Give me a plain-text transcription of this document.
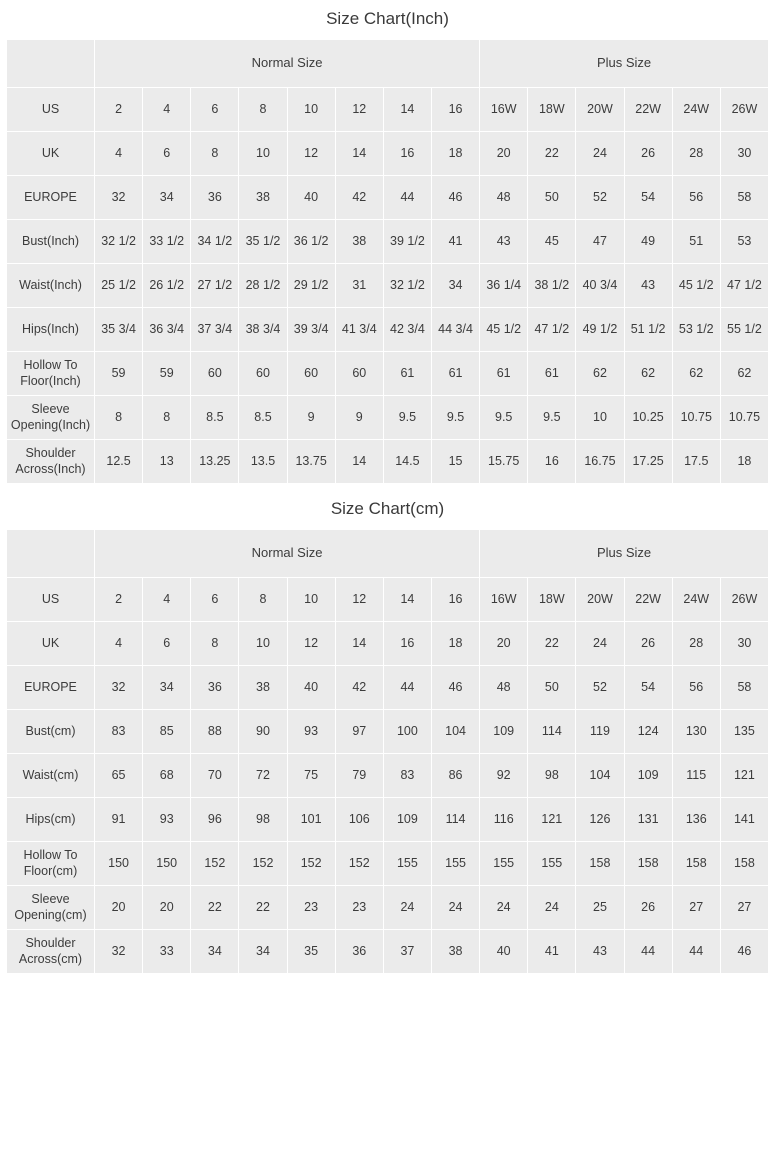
Size Chart(Inch)
	Normal Size								Plus Size					
US	2	4	6	8	10	12	14	16	16W	18W	20W	22W	24W	26W
UK	4	6	8	10	12	14	16	18	20	22	24	26	28	30
EUROPE	32	34	36	38	40	42	44	46	48	50	52	54	56	58
Bust(Inch)	32 1/2	33 1/2	34 1/2	35 1/2	36 1/2	38	39 1/2	41	43	45	47	49	51	53
Waist(Inch)	25 1/2	26 1/2	27 1/2	28 1/2	29 1/2	31	32 1/2	34	36 1/4	38 1/2	40 3/4	43	45 1/2	47 1/2
Hips(Inch)	35 3/4	36 3/4	37 3/4	38 3/4	39 3/4	41 3/4	42 3/4	44 3/4	45 1/2	47 1/2	49 1/2	51 1/2	53 1/2	55 1/2
Hollow To Floor(Inch)	59	59	60	60	60	60	61	61	61	61	62	62	62	62
Sleeve Opening(Inch)	8	8	8.5	8.5	9	9	9.5	9.5	9.5	9.5	10	10.25	10.75	10.75
Shoulder Across(Inch)	12.5	13	13.25	13.5	13.75	14	14.5	15	15.75	16	16.75	17.25	17.5	18
Size Chart(cm)
	Normal Size								Plus Size					
US	2	4	6	8	10	12	14	16	16W	18W	20W	22W	24W	26W
UK	4	6	8	10	12	14	16	18	20	22	24	26	28	30
EUROPE	32	34	36	38	40	42	44	46	48	50	52	54	56	58
Bust(cm)	83	85	88	90	93	97	100	104	109	114	119	124	130	135
Waist(cm)	65	68	70	72	75	79	83	86	92	98	104	109	115	121
Hips(cm)	91	93	96	98	101	106	109	114	116	121	126	131	136	141
Hollow To Floor(cm)	150	150	152	152	152	152	155	155	155	155	158	158	158	158
Sleeve Opening(cm)	20	20	22	22	23	23	24	24	24	24	25	26	27	27
Shoulder Across(cm)	32	33	34	34	35	36	37	38	40	41	43	44	44	46
